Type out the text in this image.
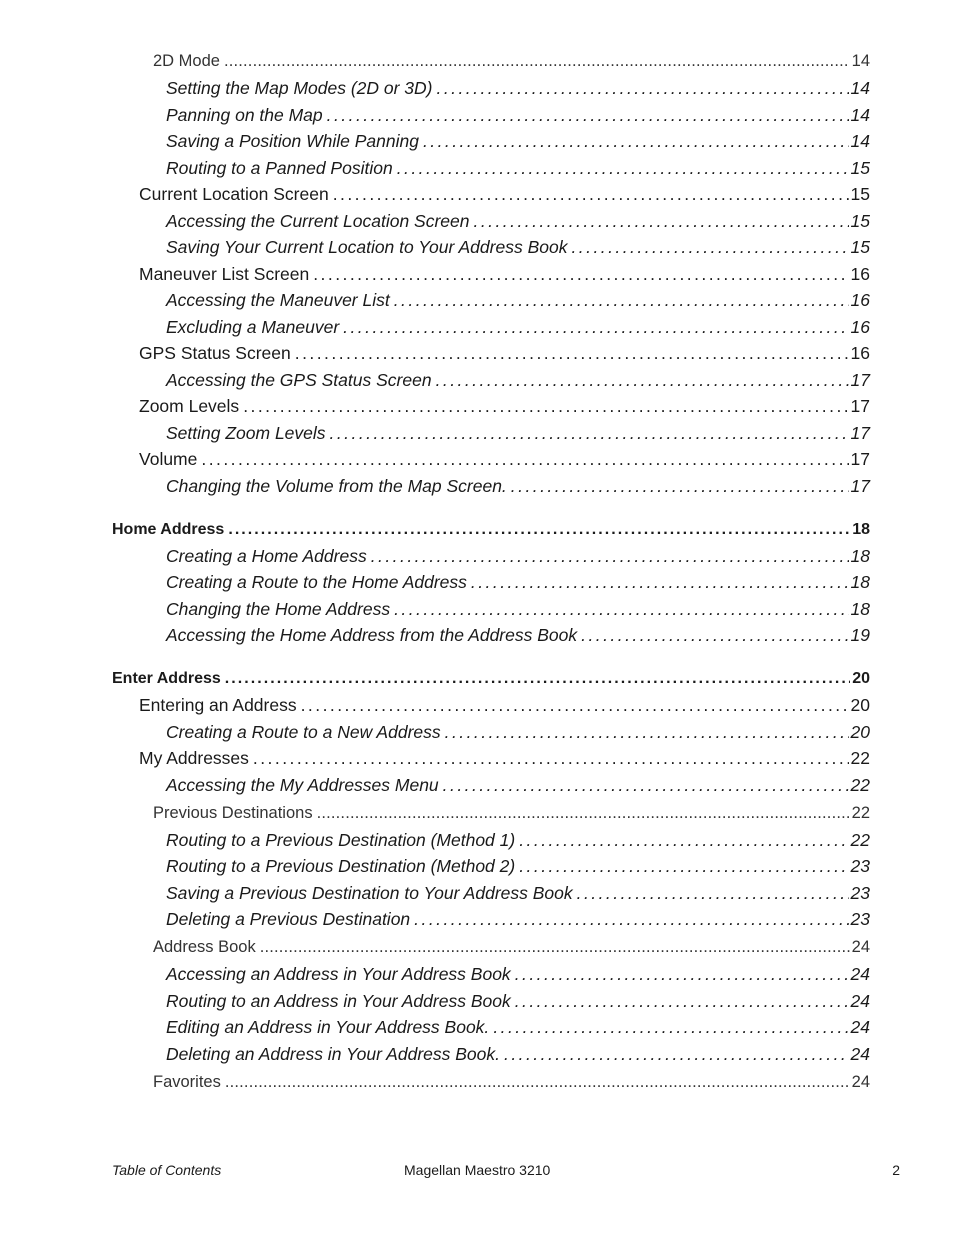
2D Mode . . .	14
Setting the Map Modes (2D or 3D) . . .	14
Panning on the Map . . .	14
Saving a Position While Panning . . .	14
Routing to a Panned Position . . .	15
Current Location Screen . . .	15
Accessing the Current Location Screen . . .	15
Saving Your Current Location to Your Address Book . . .	15
Maneuver List Screen . . .	16
Accessing the Maneuver List . . .	16
Excluding a Maneuver . . .	16
GPS Status Screen . . .	16
Accessing the GPS Status Screen . . .	17
Zoom Levels . . .	17
Setting Zoom Levels . . .	17
Volume . . .	17
Changing the Volume from the Map Screen. . . .	17
Home Address . . .	18
Creating a Home Address . . .	18
Creating a Route to the Home Address . . .	18
Changing the Home Address . . .	18
Accessing the Home Address from the Address Book . . .	19
Enter Address . . .	20
Entering an Address . . .	20
Creating a Route to a New Address . . .	20
My Addresses . . .	22
Accessing the My Addresses Menu . . .	22
Previous Destinations . . .	22
Routing to a Previous Destination (Method 1) . . .	22
Routing to a Previous Destination (Method 2) . . .	23
Saving a Previous Destination to Your Address Book . . .	23
Deleting a Previous Destination . . .	23
Address Book . . .	24
Accessing an Address in Your Address Book . . .	24
Routing to an Address in Your Address Book . . .	24
Editing an Address in Your Address Book. . . .	24
Deleting an Address in Your Address Book. . . .	24
Favorites . . .	24
Table of Contents	Magellan Maestro 3210	2
